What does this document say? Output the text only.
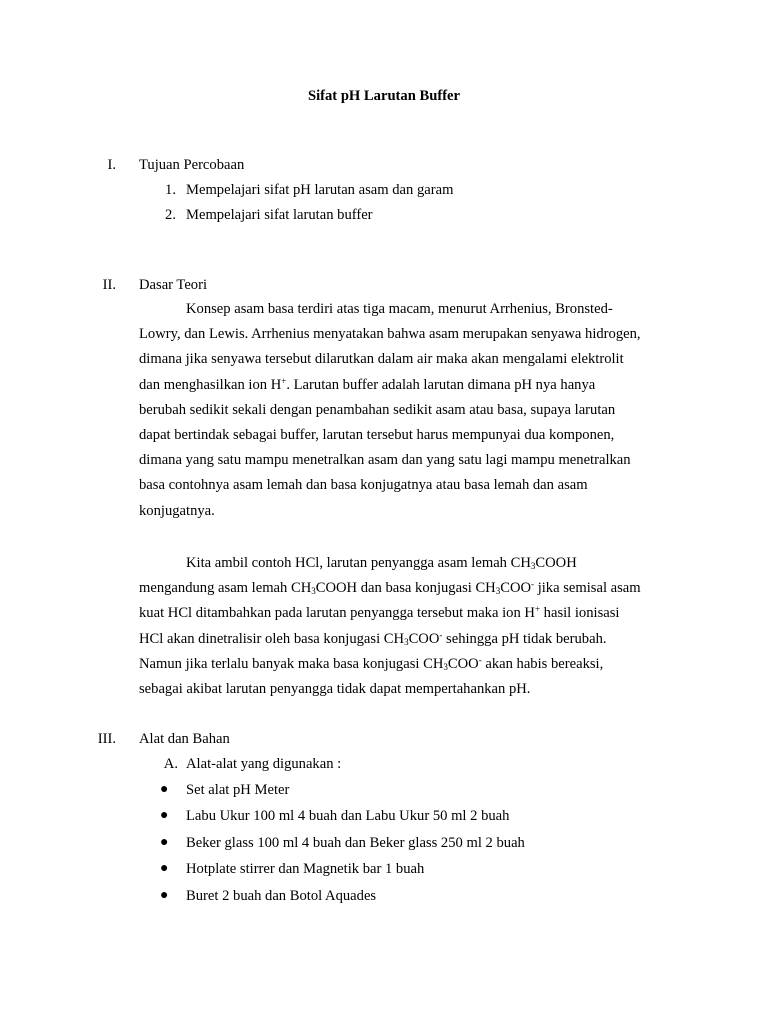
Sifat pH Larutan Buffer
I. Tujuan Percobaan
1. Mempelajari sifat pH larutan asam dan garam
2. Mempelajari sifat larutan buffer
II. Dasar Teori
Konsep asam basa terdiri atas tiga macam, menurut Arrhenius, Bronsted-
Lowry, dan Lewis. Arrhenius menyatakan bahwa asam merupakan senyawa hidrogen,
dimana jika senyawa tersebut dilarutkan dalam air maka akan mengalami elektrolit
dan menghasilkan ion H+. Larutan buffer adalah larutan dimana pH nya hanya
berubah sedikit sekali dengan penambahan sedikit asam atau basa, supaya larutan
dapat bertindak sebagai buffer, larutan tersebut harus mempunyai dua komponen,
dimana yang satu mampu menetralkan asam dan yang satu lagi mampu menetralkan
basa contohnya asam lemah dan basa konjugatnya atau basa lemah dan asam
konjugatnya.
Kita ambil contoh HCl, larutan penyangga asam lemah $CH_3COOH$
mengandung asam lemah $CH_3COOH$ dan basa konjugasi $CH_3COO^-$ jika semisal asam
kuat HCl ditambahkan pada larutan penyangga tersebut maka ion H+ hasil ionisasi
HCl akan dinetralisir oleh basa konjugasi $CH_3COO^-$ sehingga pH tidak berubah.
Namun jika terlalu banyak maka basa konjugasi $CH_3COO^-$ akan habis bereaksi,
sebagai akibat larutan penyangga tidak dapat mempertahankan pH.
III. Alat dan Bahan
A. Alat-alat yang digunakan :
● Set alat pH Meter
● Labu Ukur 100 ml 4 buah dan Labu Ukur 50 ml 2 buah
● Beker glass 100 ml 4 buah dan Beker glass 250 ml 2 buah
● Hotplate stirrer dan Magnetik bar 1 buah
● Buret 2 buah dan Botol Aquades
